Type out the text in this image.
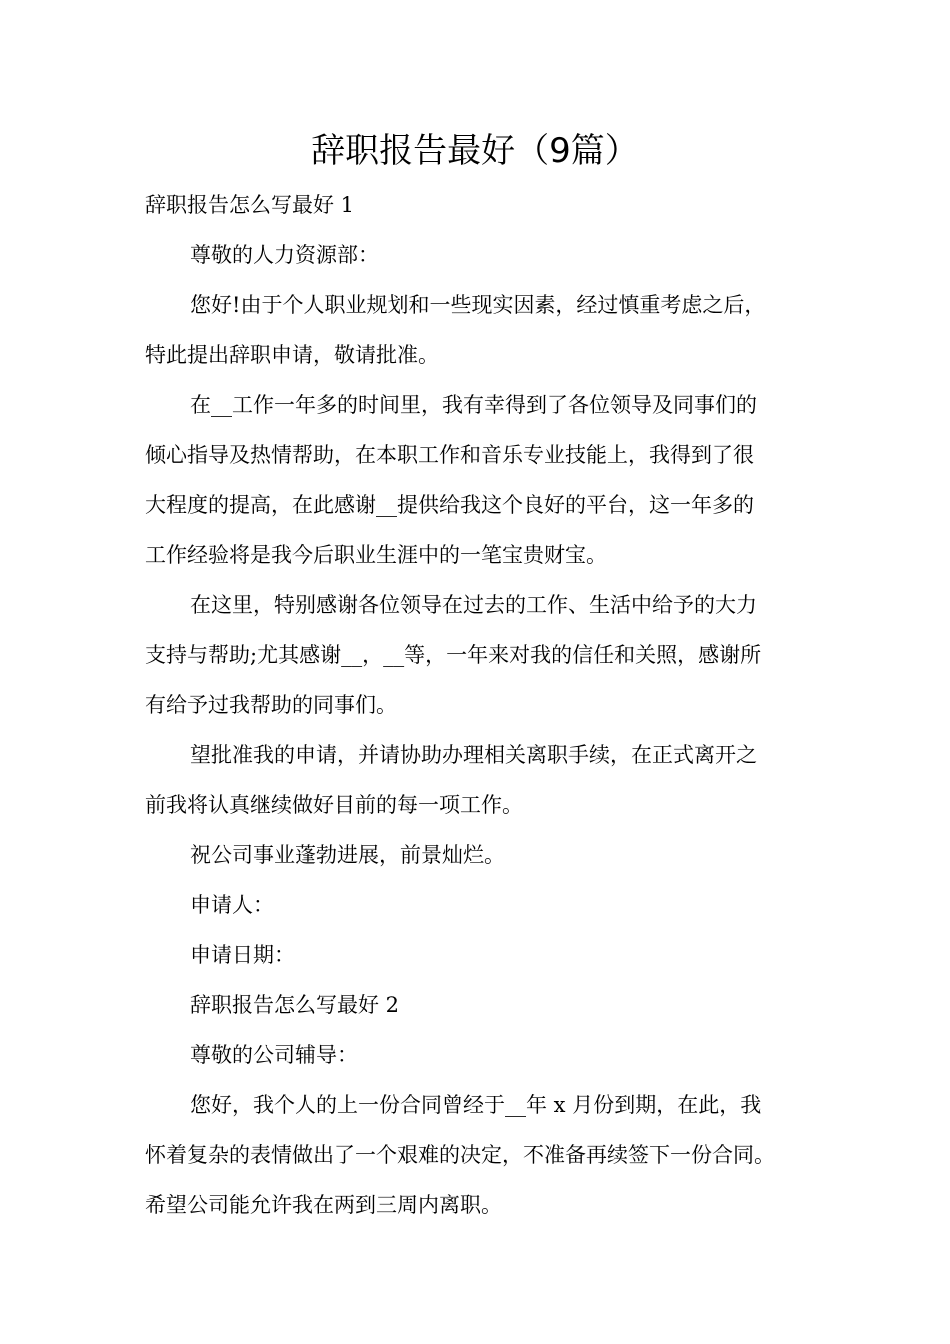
辞职报告最好（9篇）

辞职报告怎么写最好 1

尊敬的人力资源部：

您好!由于个人职业规划和一些现实因素，经过慎重考虑之后，

特此提出辞职申请，敬请批准。

在__工作一年多的时间里，我有幸得到了各位领导及同事们的

倾心指导及热情帮助，在本职工作和音乐专业技能上，我得到了很

大程度的提高，在此感谢__提供给我这个良好的平台，这一年多的

工作经验将是我今后职业生涯中的一笔宝贵财宝。

在这里，特别感谢各位领导在过去的工作、生活中给予的大力

支持与帮助;尤其感谢__，__等，一年来对我的信任和关照，感谢所

有给予过我帮助的同事们。

望批准我的申请，并请协助办理相关离职手续，在正式离开之

前我将认真继续做好目前的每一项工作。

祝公司事业蓬勃进展，前景灿烂。

申请人：

申请日期：

辞职报告怎么写最好 2

尊敬的公司辅导：

您好，我个人的上一份合同曾经于__年 x 月份到期，在此，我

怀着复杂的表情做出了一个艰难的决定，不准备再续签下一份合同。

希望公司能允许我在两到三周内离职。
